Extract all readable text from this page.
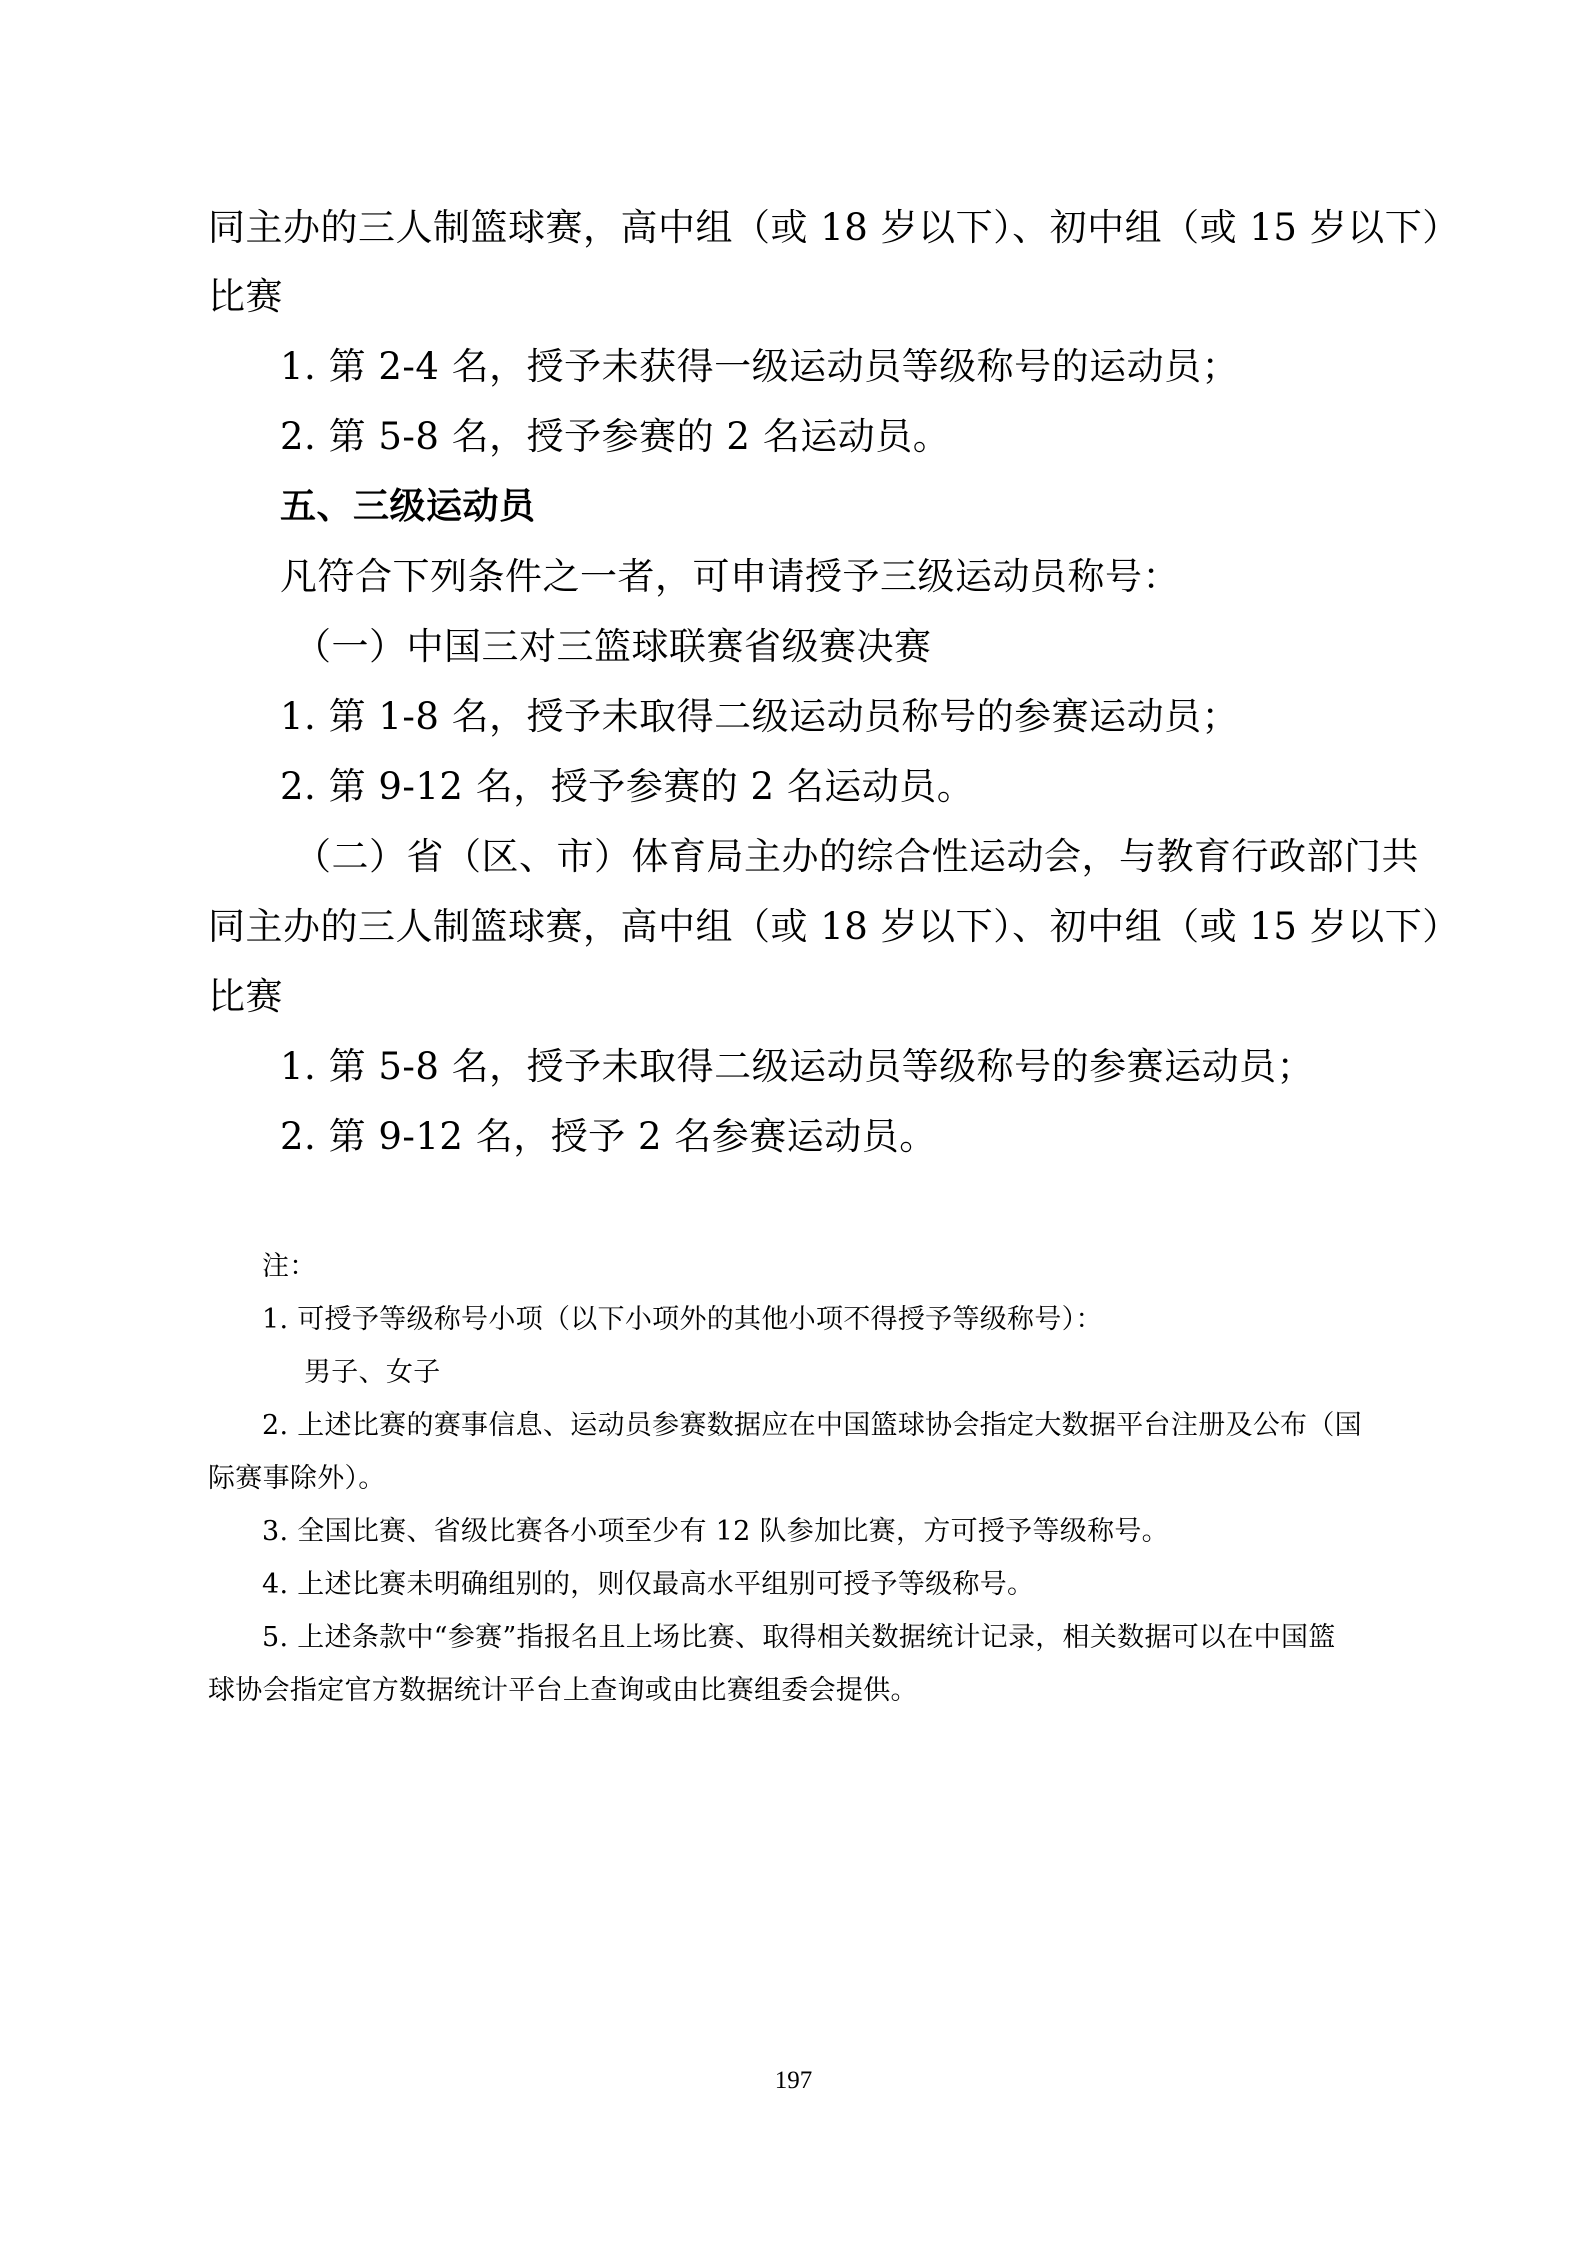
同主办的三人制篮球赛，高中组（或 18 岁以下）、初中组（或 15 岁以下）
比赛
1. 第 2-4 名，授予未获得一级运动员等级称号的运动员；
2. 第 5-8 名，授予参赛的 2 名运动员。
五、三级运动员
凡符合下列条件之一者，可申请授予三级运动员称号：
（一）中国三对三篮球联赛省级赛决赛
1. 第 1-8 名，授予未取得二级运动员称号的参赛运动员；
2. 第 9-12 名，授予参赛的 2 名运动员。
（二）省（区、市）体育局主办的综合性运动会，与教育行政部门共
同主办的三人制篮球赛，高中组（或 18 岁以下）、初中组（或 15 岁以下）
比赛
1. 第 5-8 名，授予未取得二级运动员等级称号的参赛运动员；
2. 第 9-12 名，授予 2 名参赛运动员。
注：
1. 可授予等级称号小项（以下小项外的其他小项不得授予等级称号）：
男子、女子
2. 上述比赛的赛事信息、运动员参赛数据应在中国篮球协会指定大数据平台注册及公布（国
际赛事除外）。
3. 全国比赛、省级比赛各小项至少有 12 队参加比赛，方可授予等级称号。
4. 上述比赛未明确组别的，则仅最高水平组别可授予等级称号。
5. 上述条款中“参赛”指报名且上场比赛、取得相关数据统计记录，相关数据可以在中国篮
球协会指定官方数据统计平台上查询或由比赛组委会提供。
197
